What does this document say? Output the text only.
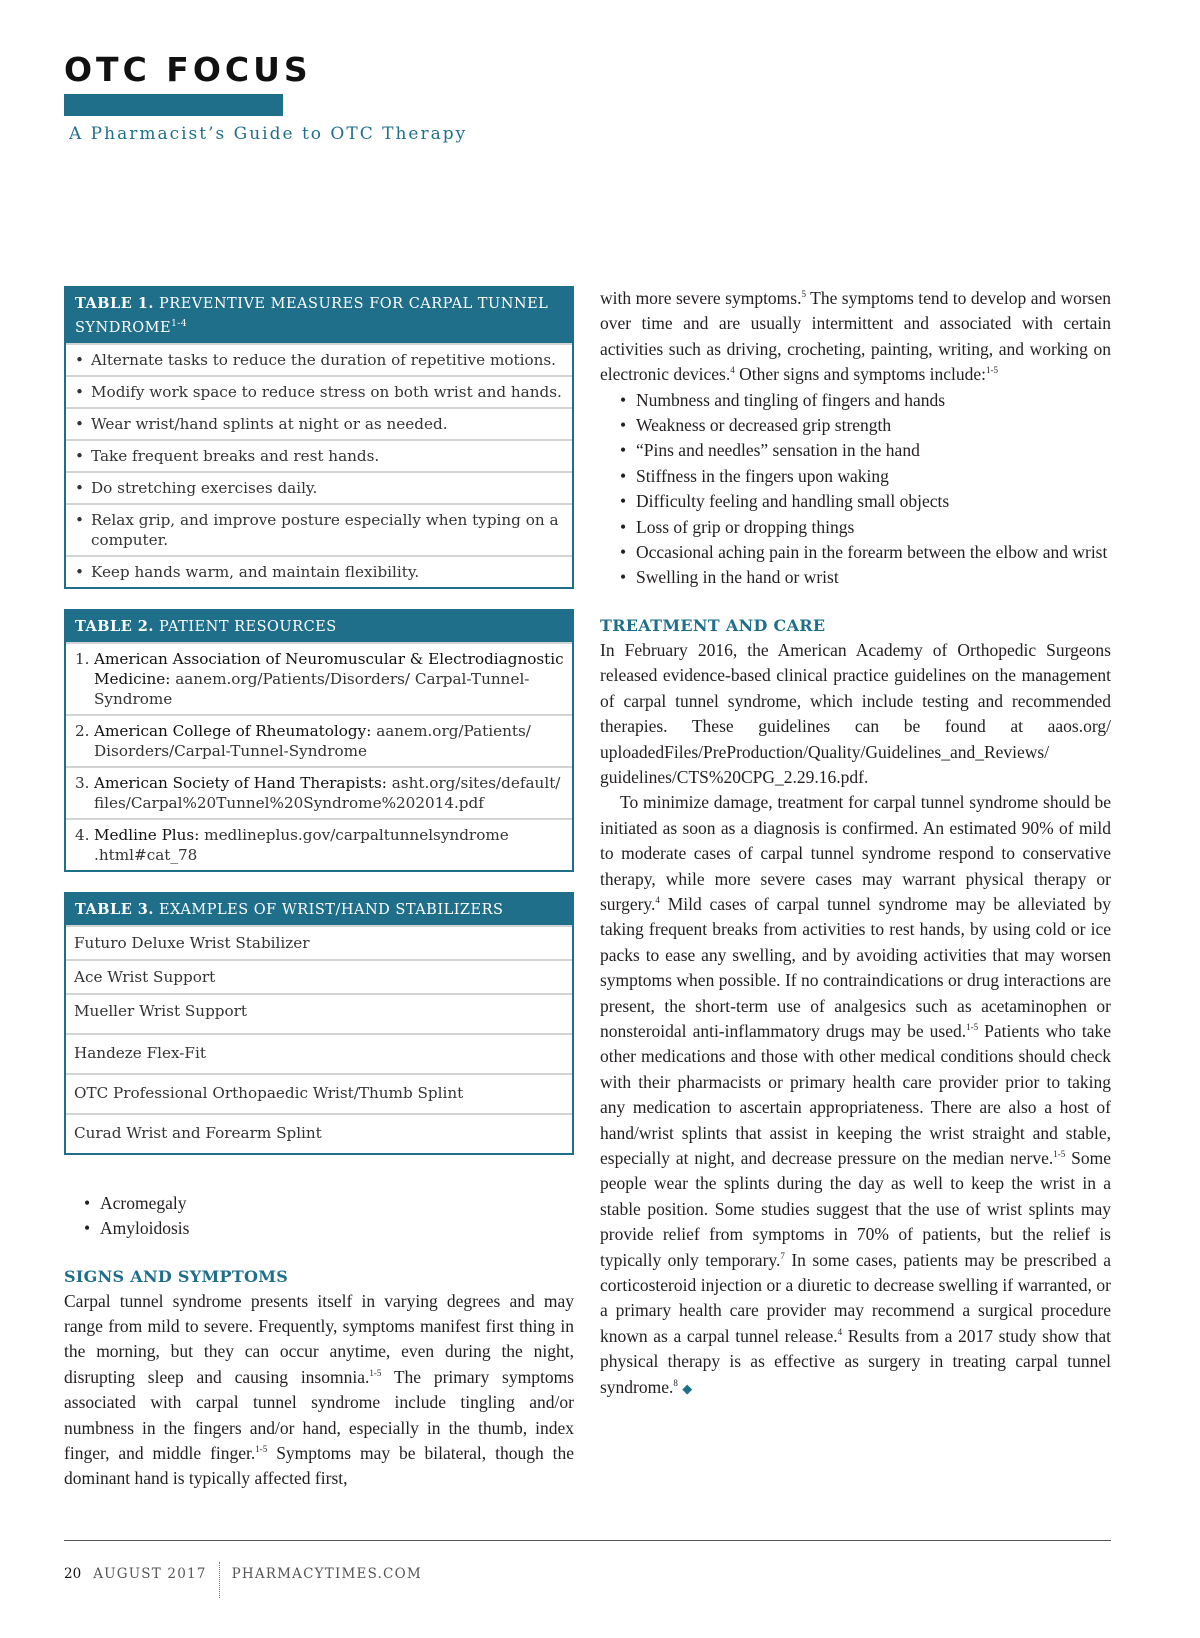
OTC FOCUS
A Pharmacist’s Guide to OTC Therapy
TABLE 1. PREVENTIVE MEASURES FOR CARPAL TUNNEL SYNDROME$^{1-4}$
• Alternate tasks to reduce the duration of repetitive motions.
• Modify work space to reduce stress on both wrist and hands.
• Wear wrist/hand splints at night or as needed.
• Take frequent breaks and rest hands.
• Do stretching exercises daily.
• Relax grip, and improve posture especially when typing on a computer.
• Keep hands warm, and maintain flexibility.
TABLE 2. PATIENT RESOURCES
1. American Association of Neuromuscular & Electrodiagnostic Medicine: aanem.org/Patients/Disorders/ Carpal-Tunnel-Syndrome
2. American College of Rheumatology: aanem.org/Patients/ Disorders/Carpal-Tunnel-Syndrome
3. American Society of Hand Therapists: asht.org/sites/default/ files/Carpal%20Tunnel%20Syndrome%202014.pdf
4. Medline Plus: medlineplus.gov/carpaltunnelsyndrome .html#cat_78
TABLE 3. EXAMPLES OF WRIST/HAND STABILIZERS
Futuro Deluxe Wrist Stabilizer
Ace Wrist Support
Mueller Wrist Support
Handeze Flex-Fit
OTC Professional Orthopaedic Wrist/Thumb Splint
Curad Wrist and Forearm Splint
• Acromegaly
• Amyloidosis
SIGNS AND SYMPTOMS

Carpal tunnel syndrome presents itself in varying degrees and may range from mild to severe. Frequently, symptoms manifest first thing in the morning, but they can occur anytime, even during the night, disrupting sleep and causing insomnia.$^{1-5}$ The primary symptoms associated with carpal tunnel syndrome include tingling and/or numbness in the fingers and/or hand, especially in the thumb, index finger, and middle finger.$^{1-5}$ Symptoms may be bilateral, though the dominant hand is typically affected first,

with more severe symptoms.$^5$ The symptoms tend to develop and worsen over time and are usually intermittent and associated with certain activities such as driving, crocheting, painting, writing, and working on electronic devices.$^4$ Other signs and symptoms include:$^{1-5}$

• Numbness and tingling of fingers and hands
• Weakness or decreased grip strength
• “Pins and needles” sensation in the hand
• Stiffness in the fingers upon waking
• Difficulty feeling and handling small objects
• Loss of grip or dropping things
• Occasional aching pain in the forearm between the elbow and wrist
• Swelling in the hand or wrist
TREATMENT AND CARE

In February 2016, the American Academy of Orthopedic Surgeons released evidence-based clinical practice guidelines on the management of carpal tunnel syndrome, which include testing and recommended therapies. These guidelines can be found at aaos.org/ uploadedFiles/PreProduction/Quality/Guidelines_and_Reviews/ guidelines/CTS%20CPG_2.29.16.pdf.

To minimize damage, treatment for carpal tunnel syndrome should be initiated as soon as a diagnosis is confirmed. An estimated 90% of mild to moderate cases of carpal tunnel syndrome respond to conservative therapy, while more severe cases may warrant physical therapy or surgery.$^4$ Mild cases of carpal tunnel syndrome may be alleviated by taking frequent breaks from activities to rest hands, by using cold or ice packs to ease any swelling, and by avoiding activities that may worsen symptoms when possible. If no contraindications or drug interactions are present, the short-term use of analgesics such as acetaminophen or nonsteroidal anti-inflammatory drugs may be used.$^{1-5}$ Patients who take other medications and those with other medical conditions should check with their pharmacists or primary health care provider prior to taking any medication to ascertain appropriateness. There are also a host of hand/wrist splints that assist in keeping the wrist straight and stable, especially at night, and decrease pressure on the median nerve.$^{1-5}$ Some people wear the splints during the day as well to keep the wrist in a stable position. Some studies suggest that the use of wrist splints may provide relief from symptoms in 70% of patients, but the relief is typically only temporary.$^7$ In some cases, patients may be prescribed a corticosteroid injection or a diuretic to decrease swelling if warranted, or a primary health care provider may recommend a surgical procedure known as a carpal tunnel release.$^4$ Results from a 2017 study show that physical therapy is as effective as surgery in treating carpal tunnel syndrome.$^8$ ◆

20 AUGUST 2017 PHARMACYTIMES.COM
